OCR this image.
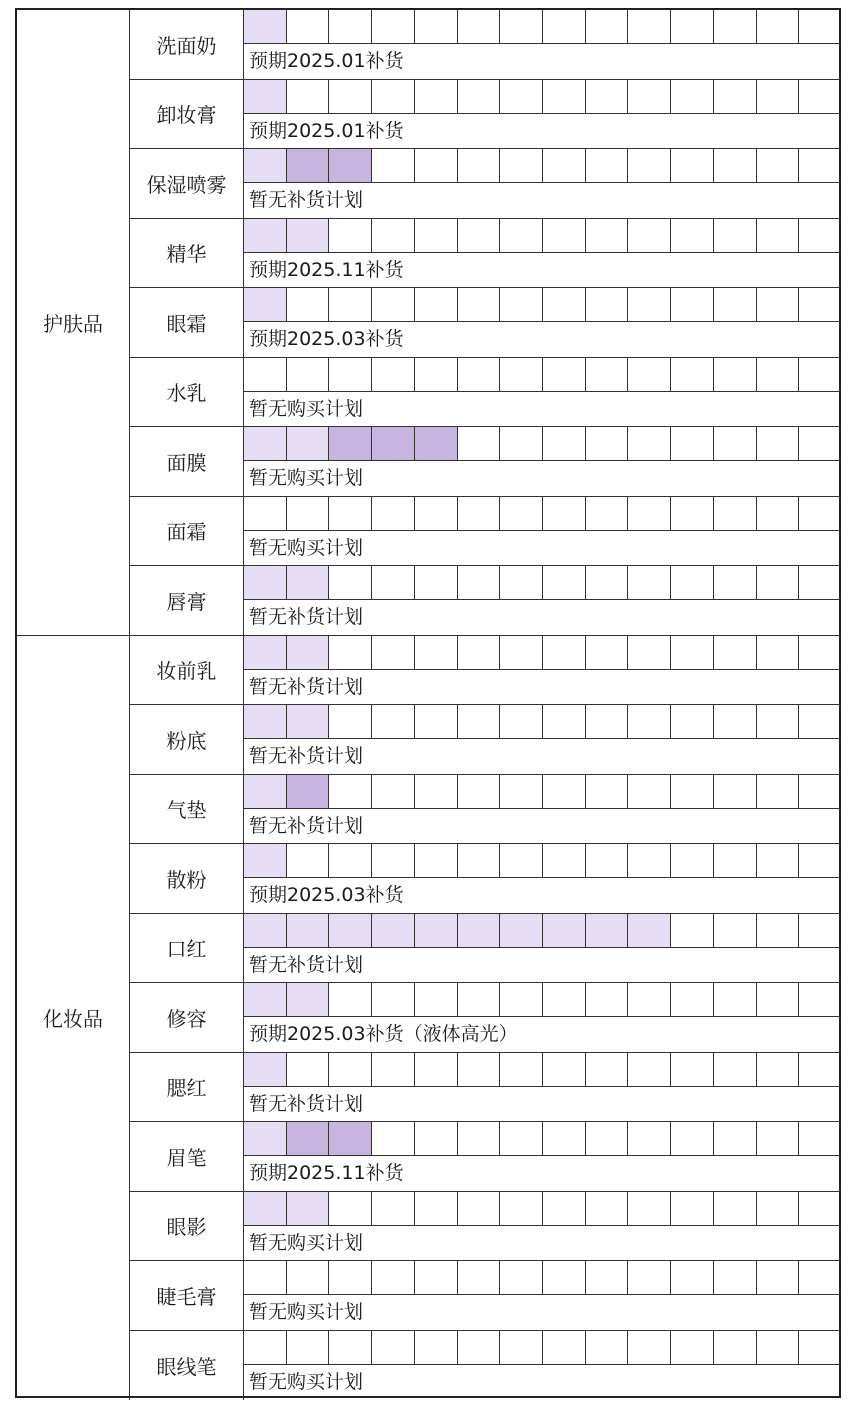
护肤品
洗面奶
预期2025.01补货
卸妆膏
预期2025.01补货
保湿喷雾
暂无补货计划
精华
预期2025.11补货
眼霜
预期2025.03补货
水乳
暂无购买计划
面膜
暂无购买计划
面霜
暂无购买计划
唇膏
暂无补货计划
化妆品
妆前乳
暂无补货计划
粉底
暂无补货计划
气垫
暂无补货计划
散粉
预期2025.03补货
口红
暂无补货计划
修容
预期2025.03补货（液体高光）
腮红
暂无补货计划
眉笔
预期2025.11补货
眼影
暂无购买计划
睫毛膏
暂无购买计划
眼线笔
暂无购买计划
